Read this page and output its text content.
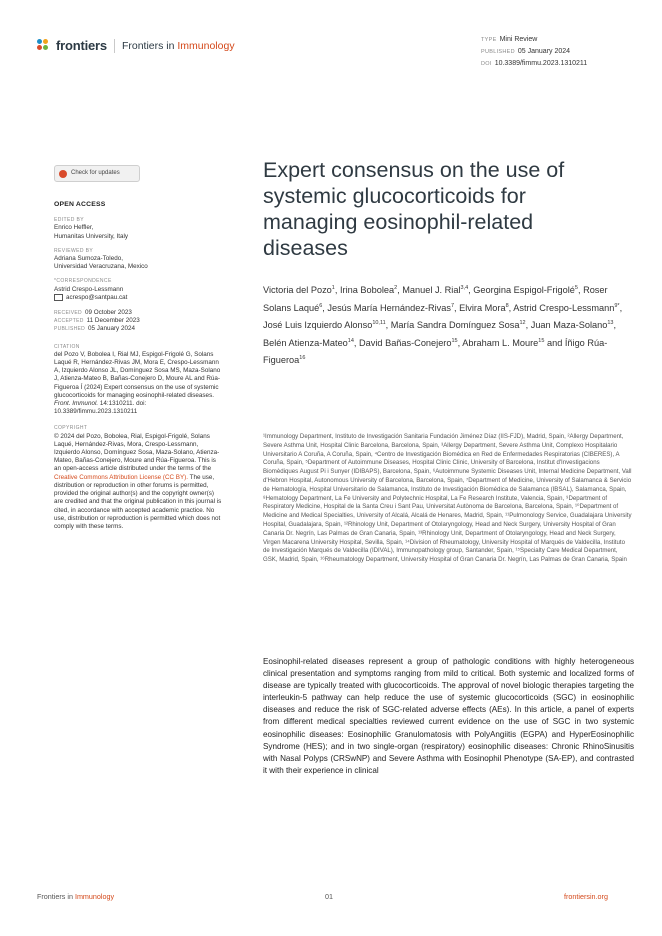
frontiers Frontiers in Immunology	TYPE Mini Review
PUBLISHED 05 January 2024
DOI 10.3389/fimmu.2023.1310211
Check for updates
OPEN ACCESS
EDITED BY
Enrico Heffler,
Humanitas University, Italy
REVIEWED BY
Adriana Sumoza-Toledo,
Universidad Veracruzana, Mexico
*CORRESPONDENCE
Astrid Crespo-Lessmann
acrespo@santpau.cat
RECEIVED 09 October 2023
ACCEPTED 11 December 2023
PUBLISHED 05 January 2024
CITATION

del Pozo V, Bobolea I, Rial MJ, Espigol-Frigolé G, Solans Laqué R, Hernández-Rivas JM, Mora E, Crespo-Lessmann A, Izquierdo Alonso JL, Domínguez Sosa MS, Maza-Solano J, Atienza-Mateo B, Bañas-Conejero D, Moure AL and Rúa-Figueroa Í (2024) Expert consensus on the use of systemic glucocorticoids for managing eosinophil-related diseases. Front. Immunol. 14:1310211. doi: 10.3389/fimmu.2023.1310211

COPYRIGHT

© 2024 del Pozo, Bobolea, Rial, Espigol-Frigolé, Solans Laqué, Hernández-Rivas, Mora, Crespo-Lessmann, Izquierdo Alonso, Domínguez Sosa, Maza-Solano, Atienza-Mateo, Bañas-Conejero, Moure and Rúa-Figueroa. This is an open-access article distributed under the terms of the Creative Commons Attribution License (CC BY). The use, distribution or reproduction in other forums is permitted, provided the original author(s) and the copyright owner(s) are credited and that the original publication in this journal is cited, in accordance with accepted academic practice. No use, distribution or reproduction is permitted which does not comply with these terms.

Expert consensus on the use of systemic glucocorticoids for managing eosinophil-related diseases
Victoria del Pozo$^1$, Irina Bobolea$^2$, Manuel J. Rial$^{3,4}$, Georgina Espigol-Frigolé$^5$, Roser Solans Laqué$^6$, Jesús María Hernández-Rivas$^7$, Elvira Mora$^8$, Astrid Crespo-Lessmann$^{9*}$, José Luis Izquierdo Alonso$^{10,11}$, María Sandra Domínguez Sosa$^{12}$, Juan Maza-Solano$^{13}$, Belén Atienza-Mateo$^{14}$, David Bañas-Conejero$^{15}$, Abraham L. Moure$^{15}$ and Íñigo Rúa-Figueroa$^{16}$
¹Immunology Department, Instituto de Investigación Sanitaria Fundación Jiménez Díaz (IIS-FJD), Madrid, Spain, ²Allergy Department, Severe Asthma Unit, Hospital Clinic Barcelona, Barcelona, Spain, ³Allergy Department, Severe Asthma Unit, Complexo Hospitalario Universitario A Coruña, A Coruña, Spain, ⁴Centro de Investigación Biomédica en Red de Enfermedades Respiratorias (CIBERES), A Coruña, Spain, ⁵Department of Autoimmune Diseases, Hospital Clinic Clinic, University of Barcelona, Institut d'Investigacions Biomèdiques August Pi i Sunyer (IDIBAPS), Barcelona, Spain, ⁶Autoimmune Systemic Diseases Unit, Internal Medicine Department, Vall d'Hebron Hospital, Autonomous University of Barcelona, Barcelona, Spain, ⁷Department of Medicine, University of Salamanca & Servicio de Hematología, Hospital Universitario de Salamanca, Instituto de Investigación Biomédica de Salamanca (IBSAL), Salamanca, Spain, ⁸Hematology Department, La Fe University and Polytechnic Hospital, La Fe Research Institute, Valencia, Spain, ⁹Department of Respiratory Medicine, Hospital de la Santa Creu i Sant Pau, Universitat Autònoma de Barcelona, Barcelona, Spain, ¹⁰Department of Medicine and Medical Specialties, University of Alcalá, Alcalá de Henares, Madrid, Spain, ¹¹Pulmonology Service, Guadalajara University Hospital, Guadalajara, Spain, ¹²Rhinology Unit, Department of Otolaryngology, Head and Neck Surgery, University Hospital of Gran Canaria Dr. Negrín, Las Palmas de Gran Canaria, Spain, ¹³Rhinology Unit, Department of Otolaryngology, Head and Neck Surgery, Virgen Macarena University Hospital, Sevilla, Spain, ¹⁴Division of Rheumatology, University Hospital of Marqués de Valdecilla, Instituto de Investigación Marqués de Valdecilla (IDIVAL), Immunopathology group, Santander, Spain, ¹⁵Specialty Care Medical Department, GSK, Madrid, Spain, ¹⁶Rheumatology Department, University Hospital of Gran Canaria Dr. Negrín, Las Palmas de Gran Canaria, Spain
Eosinophil-related diseases represent a group of pathologic conditions with highly heterogeneous clinical presentation and symptoms ranging from mild to critical. Both systemic and localized forms of disease are typically treated with glucocorticoids. The approval of novel biologic therapies targeting the interleukin-5 pathway can help reduce the use of systemic glucocorticoids (SGC) in eosinophilic diseases and reduce the risk of SGC-related adverse effects (AEs). In this article, a panel of experts from different medical specialties reviewed current evidence on the use of SGC in two systemic eosinophilic diseases: Eosinophilic Granulomatosis with PolyAngiitis (EGPA) and HyperEosinophilic Syndrome (HES); and in two single-organ (respiratory) eosinophilic diseases: Chronic RhinoSinusitis with Nasal Polyps (CRSwNP) and Severe Asthma with Eosinophil Phenotype (SA-EP), and contrasted it with their experience in clinical
Frontiers in Immunology	01	frontiersin.org
